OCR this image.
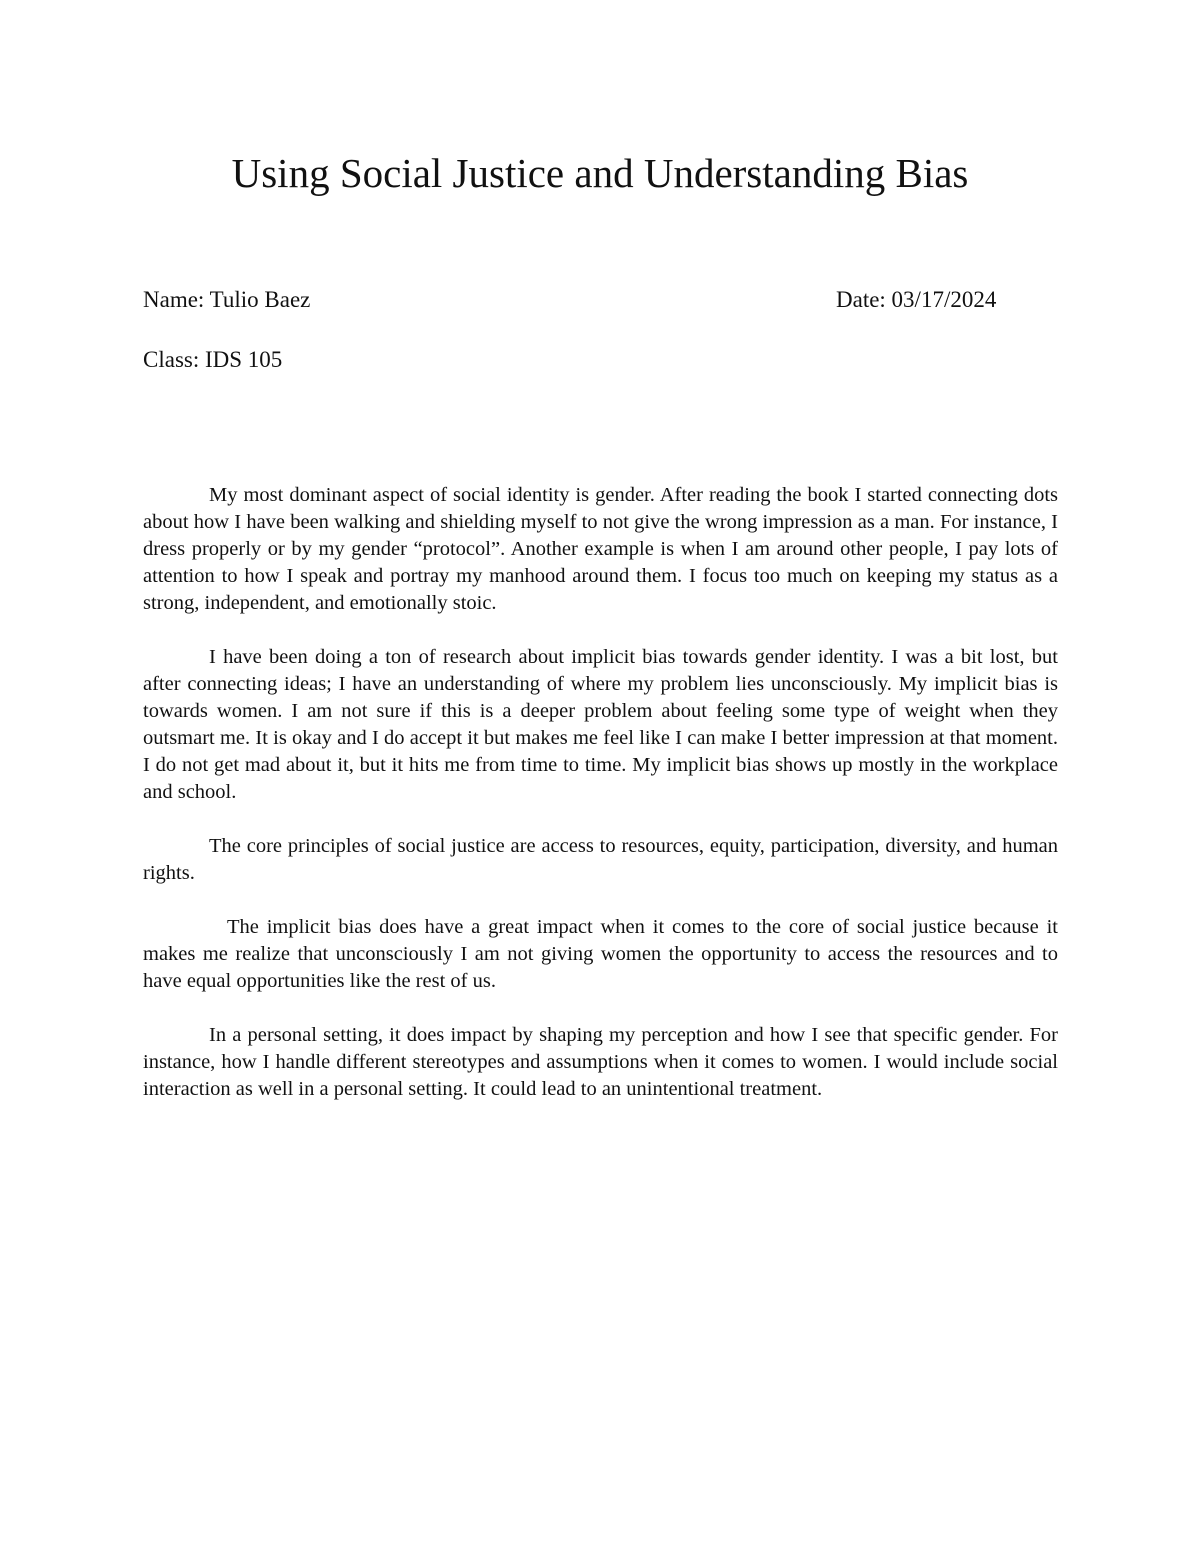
Using Social Justice and Understanding Bias
Name: Tulio Baez	Date: 03/17/2024
Class: IDS 105

My most dominant aspect of social identity is gender. After reading the book I started connecting dots about how I have been walking and shielding myself to not give the wrong impression as a man. For instance, I dress properly or by my gender “protocol”. Another example is when I am around other people, I pay lots of attention to how I speak and portray my manhood around them. I focus too much on keeping my status as a strong, independent, and emotionally stoic.

I have been doing a ton of research about implicit bias towards gender identity. I was a bit lost, but after connecting ideas; I have an understanding of where my problem lies unconsciously. My implicit bias is towards women. I am not sure if this is a deeper problem about feeling some type of weight when they outsmart me. It is okay and I do accept it but makes me feel like I can make I better impression at that moment. I do not get mad about it, but it hits me from time to time. My implicit bias shows up mostly in the workplace and school.

The core principles of social justice are access to resources, equity, participation, diversity, and human rights.

The implicit bias does have a great impact when it comes to the core of social justice because it makes me realize that unconsciously I am not giving women the opportunity to access the resources and to have equal opportunities like the rest of us.

In a personal setting, it does impact by shaping my perception and how I see that specific gender. For instance, how I handle different stereotypes and assumptions when it comes to women. I would include social interaction as well in a personal setting. It could lead to an unintentional treatment.
